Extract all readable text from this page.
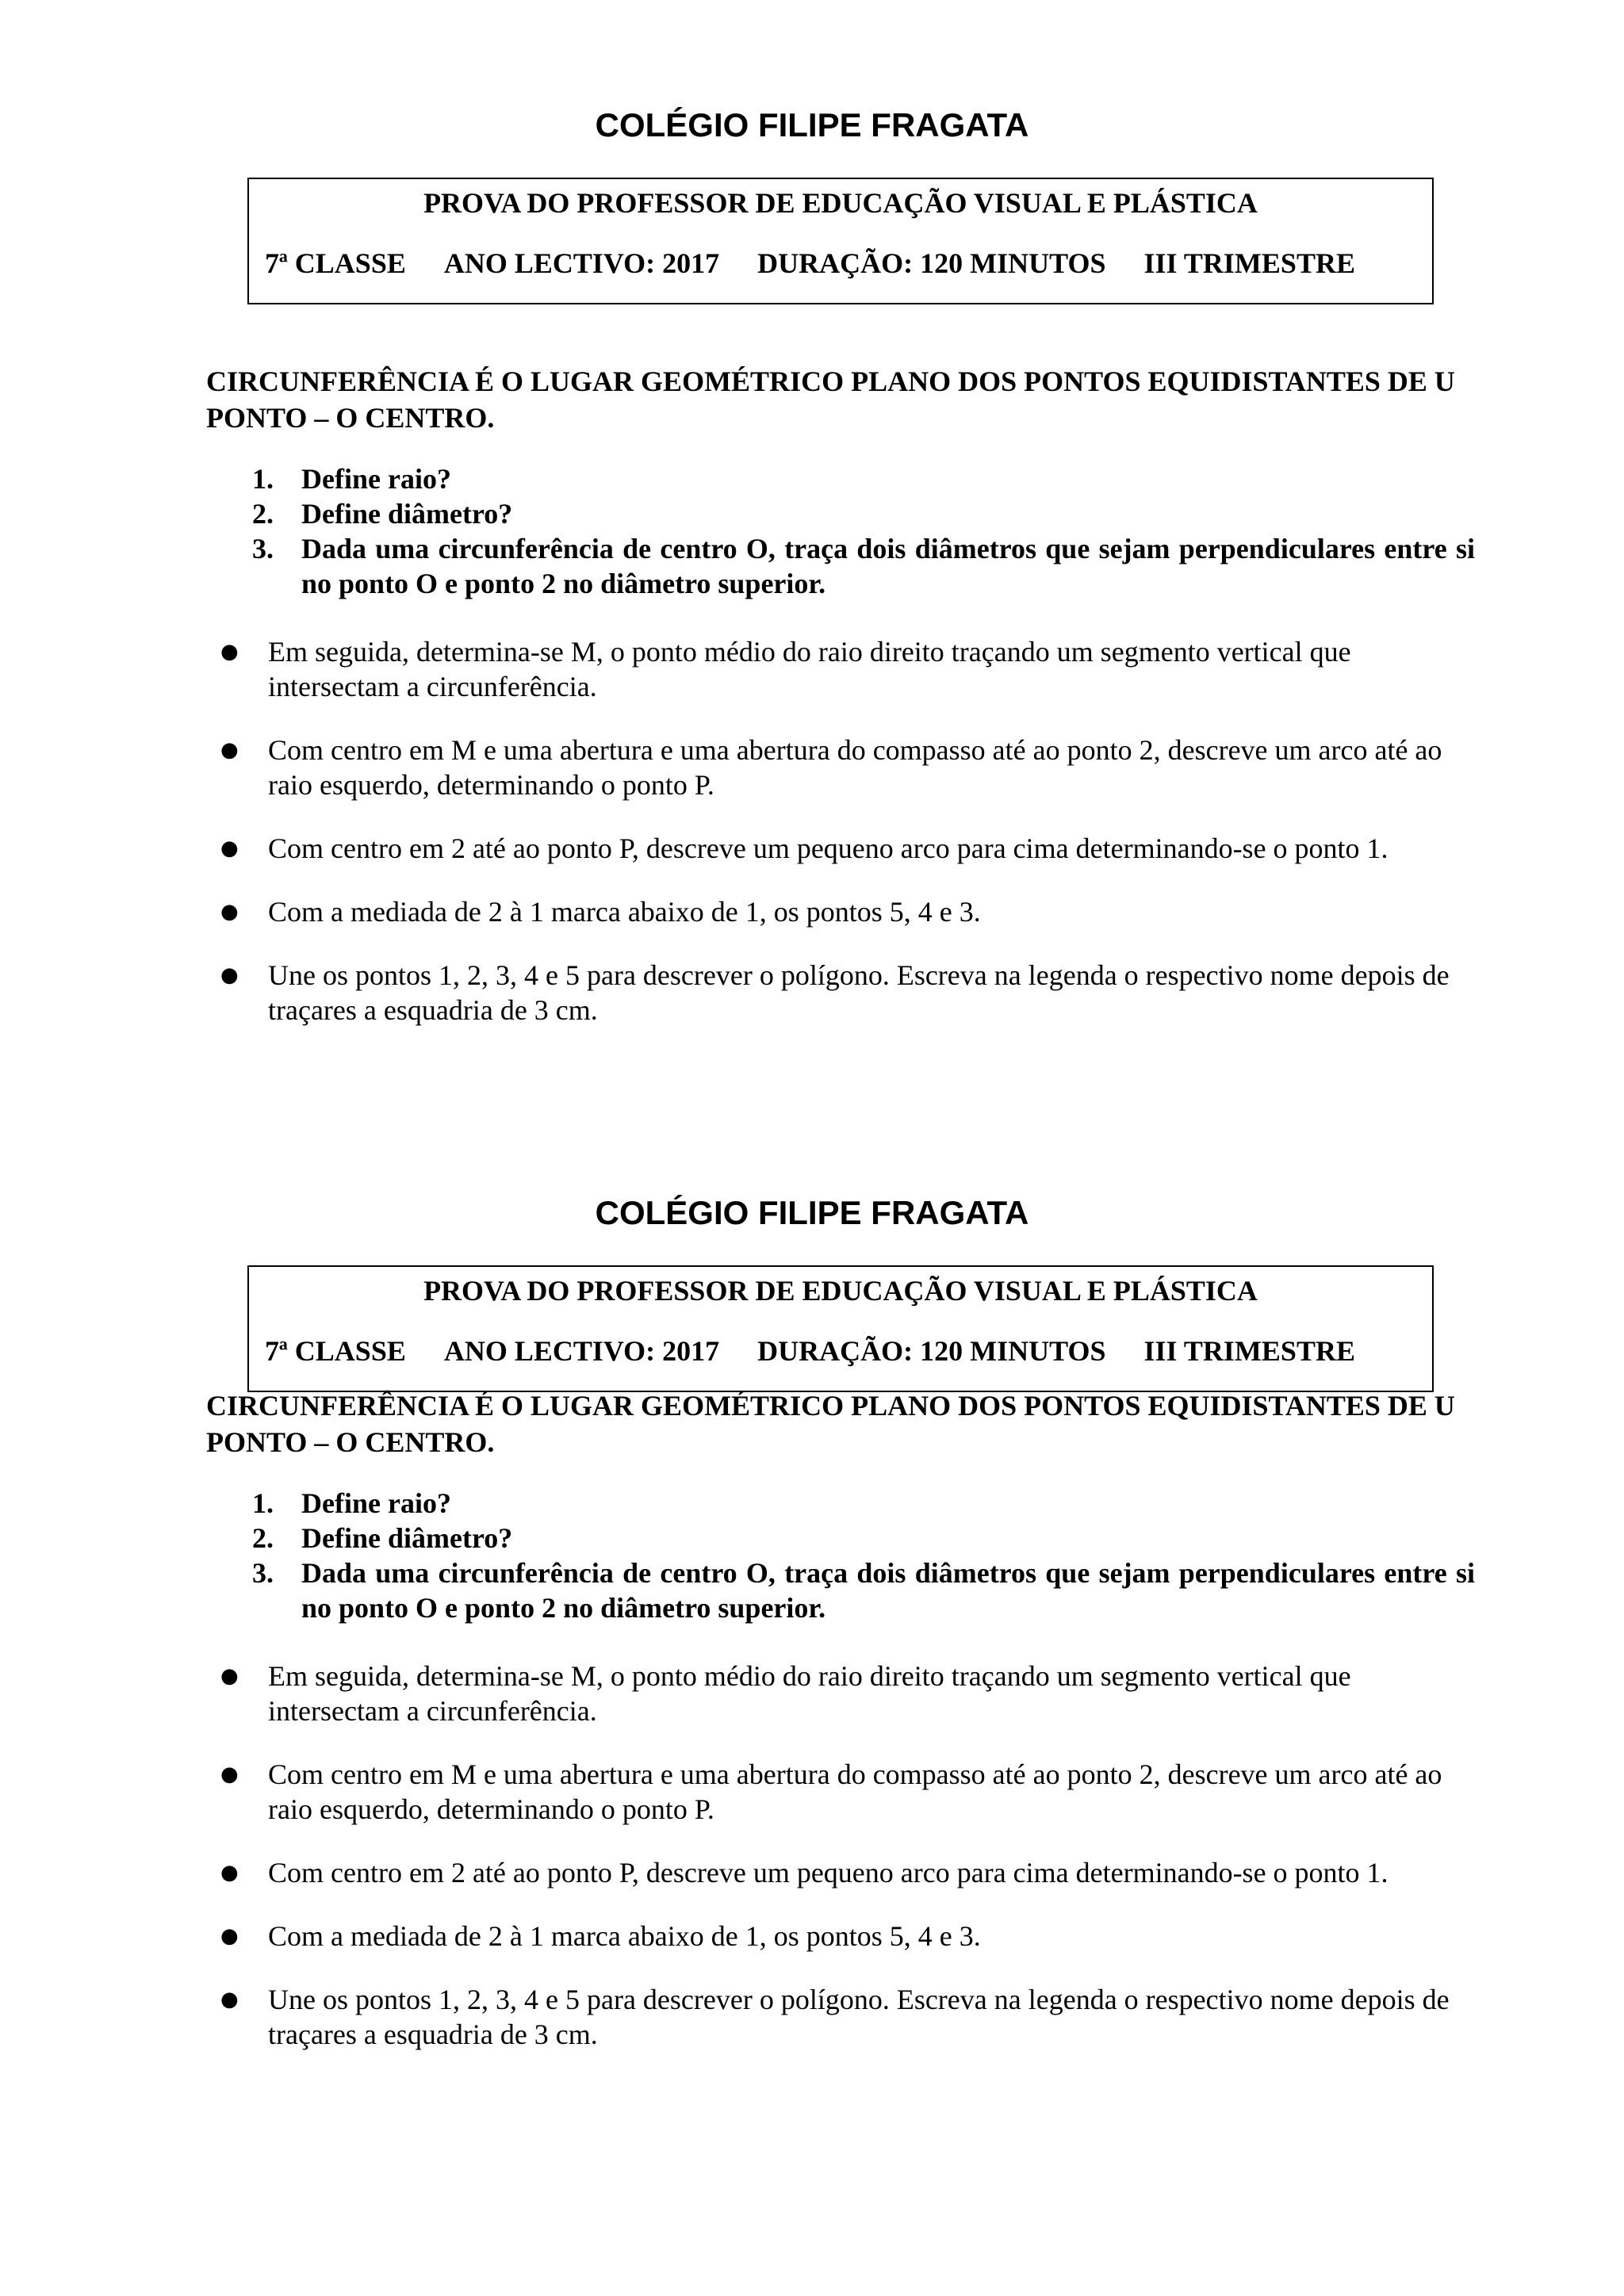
COLÉGIO FILIPE FRAGATA
PROVA DO PROFESSOR DE EDUCAÇÃO VISUAL E PLÁSTICA
7ª CLASSE ANO LECTIVO: 2017 DURAÇÃO: 120 MINUTOS III TRIMESTRE
CIRCUNFERÊNCIA É O LUGAR GEOMÉTRICO PLANO DOS PONTOS EQUIDISTANTES DE U PONTO – O CENTRO.
1. Define raio?
2. Define diâmetro?
3. Dada uma circunferência de centro O, traça dois diâmetros que sejam perpendiculares entre si no ponto O e ponto 2 no diâmetro superior.
● Em seguida, determina-se M, o ponto médio do raio direito traçando um segmento vertical que intersectam a circunferência.
● Com centro em M e uma abertura e uma abertura do compasso até ao ponto 2, descreve um arco até ao raio esquerdo, determinando o ponto P.
● Com centro em 2 até ao ponto P, descreve um pequeno arco para cima determinando-se o ponto 1.
● Com a mediada de 2 à 1 marca abaixo de 1, os pontos 5, 4 e 3.
● Une os pontos 1, 2, 3, 4 e 5 para descrever o polígono. Escreva na legenda o respectivo nome depois de traçares a esquadria de 3 cm.
COLÉGIO FILIPE FRAGATA
PROVA DO PROFESSOR DE EDUCAÇÃO VISUAL E PLÁSTICA
7ª CLASSE ANO LECTIVO: 2017 DURAÇÃO: 120 MINUTOS III TRIMESTRE
CIRCUNFERÊNCIA É O LUGAR GEOMÉTRICO PLANO DOS PONTOS EQUIDISTANTES DE U PONTO – O CENTRO.
1. Define raio?
2. Define diâmetro?
3. Dada uma circunferência de centro O, traça dois diâmetros que sejam perpendiculares entre si no ponto O e ponto 2 no diâmetro superior.
● Em seguida, determina-se M, o ponto médio do raio direito traçando um segmento vertical que intersectam a circunferência.
● Com centro em M e uma abertura e uma abertura do compasso até ao ponto 2, descreve um arco até ao raio esquerdo, determinando o ponto P.
● Com centro em 2 até ao ponto P, descreve um pequeno arco para cima determinando-se o ponto 1.
● Com a mediada de 2 à 1 marca abaixo de 1, os pontos 5, 4 e 3.
● Une os pontos 1, 2, 3, 4 e 5 para descrever o polígono. Escreva na legenda o respectivo nome depois de traçares a esquadria de 3 cm.
